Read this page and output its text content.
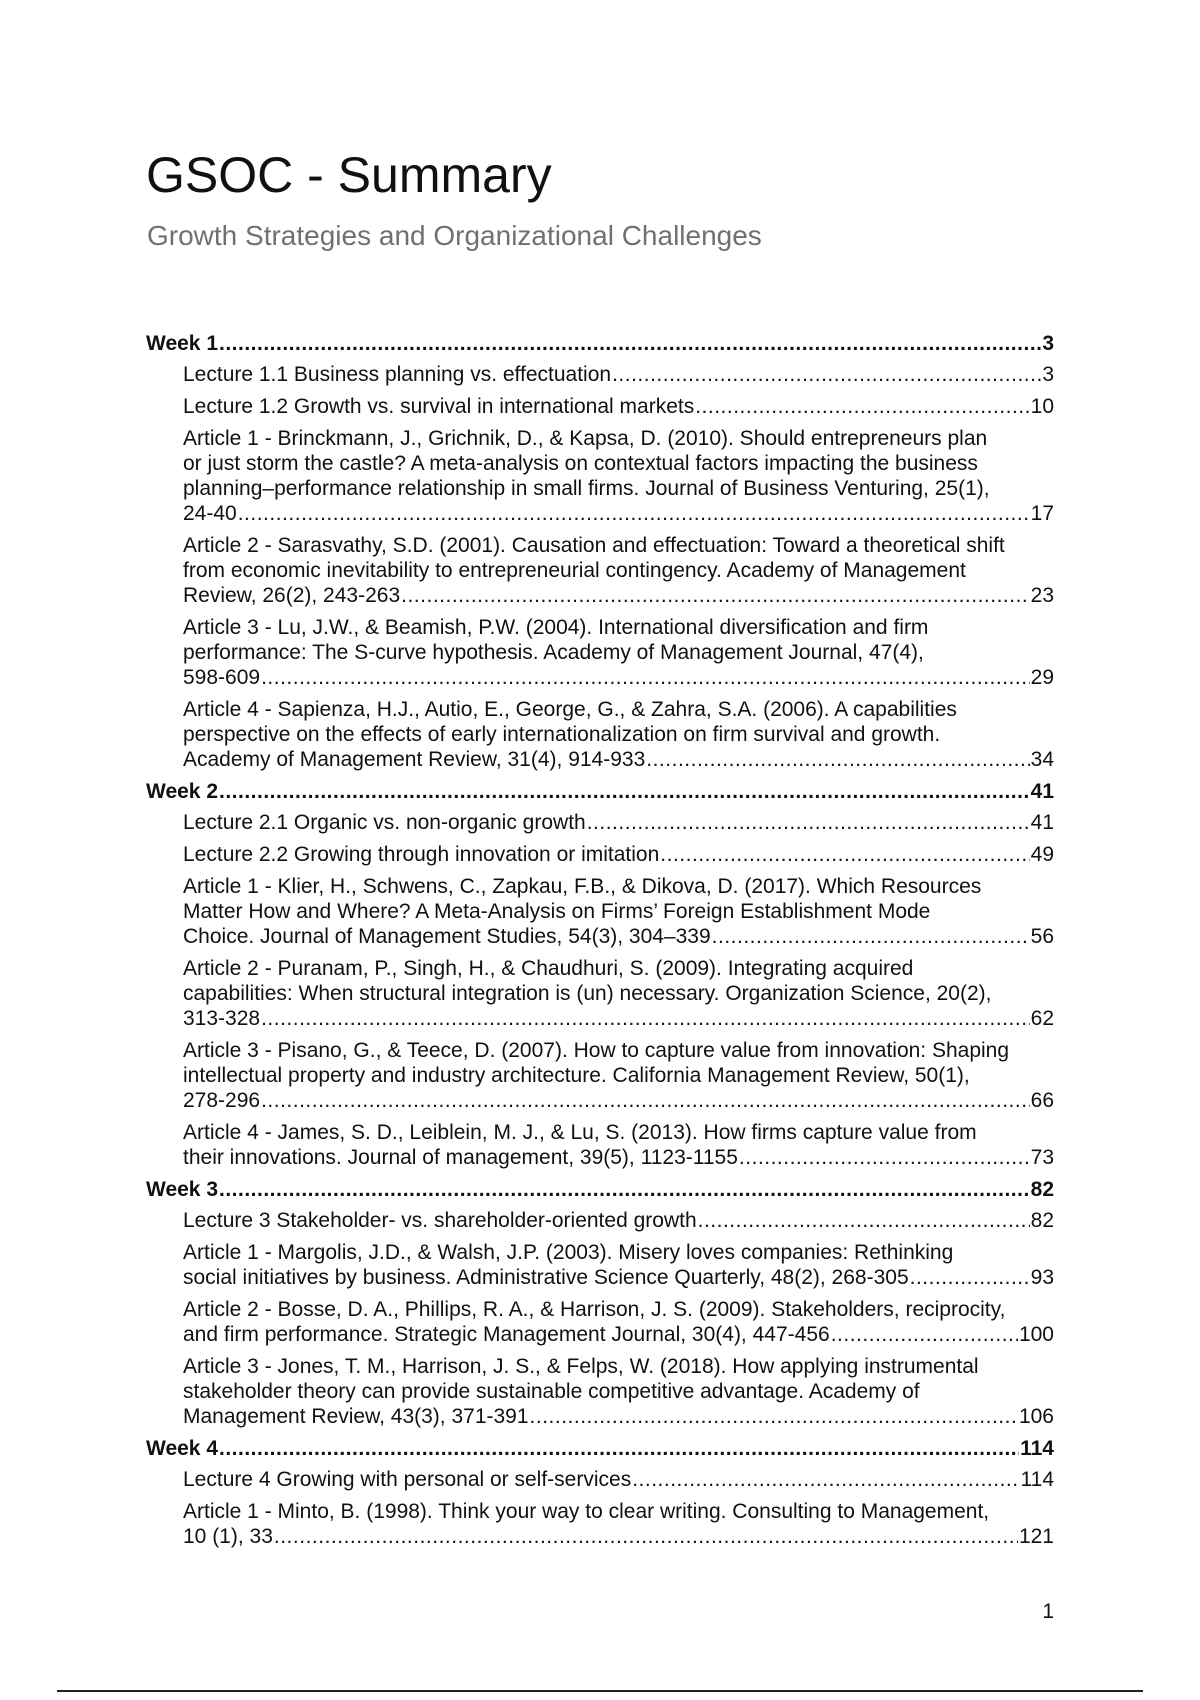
GSOC - Summary
Growth Strategies and Organizational Challenges
Week 1 .....	3
Lecture 1.1 Business planning vs. effectuation .....	3
Lecture 1.2 Growth vs. survival in international markets .....	10
Article 1 - Brinckmann, J., Grichnik, D., & Kapsa, D. (2010). Should entrepreneurs plan
or just storm the castle? A meta-analysis on contextual factors impacting the business
planning–performance relationship in small firms. Journal of Business Venturing, 25(1),
24-40 .....	17
Article 2 - Sarasvathy, S.D. (2001). Causation and effectuation: Toward a theoretical shift
from economic inevitability to entrepreneurial contingency. Academy of Management
Review, 26(2), 243-263 .....	23
Article 3 - Lu, J.W., & Beamish, P.W. (2004). International diversification and firm
performance: The S-curve hypothesis. Academy of Management Journal, 47(4),
598-609 .....	29
Article 4 - Sapienza, H.J., Autio, E., George, G., & Zahra, S.A. (2006). A capabilities
perspective on the effects of early internationalization on firm survival and growth.
Academy of Management Review, 31(4), 914-933 .....	34
Week 2 .....	41
Lecture 2.1 Organic vs. non-organic growth .....	41
Lecture 2.2 Growing through innovation or imitation .....	49
Article 1 - Klier, H., Schwens, C., Zapkau, F.B., & Dikova, D. (2017). Which Resources
Matter How and Where? A Meta-Analysis on Firms’ Foreign Establishment Mode
Choice. Journal of Management Studies, 54(3), 304–339 .....	56
Article 2 - Puranam, P., Singh, H., & Chaudhuri, S. (2009). Integrating acquired
capabilities: When structural integration is (un) necessary. Organization Science, 20(2),
313-328 .....	62
Article 3 - Pisano, G., & Teece, D. (2007). How to capture value from innovation: Shaping
intellectual property and industry architecture. California Management Review, 50(1),
278-296 .....	66
Article 4 - James, S. D., Leiblein, M. J., & Lu, S. (2013). How firms capture value from
their innovations. Journal of management, 39(5), 1123-1155 .....	73
Week 3 .....	82
Lecture 3 Stakeholder- vs. shareholder-oriented growth .....	82
Article 1 - Margolis, J.D., & Walsh, J.P. (2003). Misery loves companies: Rethinking
social initiatives by business. Administrative Science Quarterly, 48(2), 268-305 .....	93
Article 2 - Bosse, D. A., Phillips, R. A., & Harrison, J. S. (2009). Stakeholders, reciprocity,
and firm performance. Strategic Management Journal, 30(4), 447-456 .....	100
Article 3 - Jones, T. M., Harrison, J. S., & Felps, W. (2018). How applying instrumental
stakeholder theory can provide sustainable competitive advantage. Academy of
Management Review, 43(3), 371-391 .....	106
Week 4 .....	114
Lecture 4 Growing with personal or self-services .....	114
Article 1 - Minto, B. (1998). Think your way to clear writing. Consulting to Management,
10 (1), 33 .....	121
1
